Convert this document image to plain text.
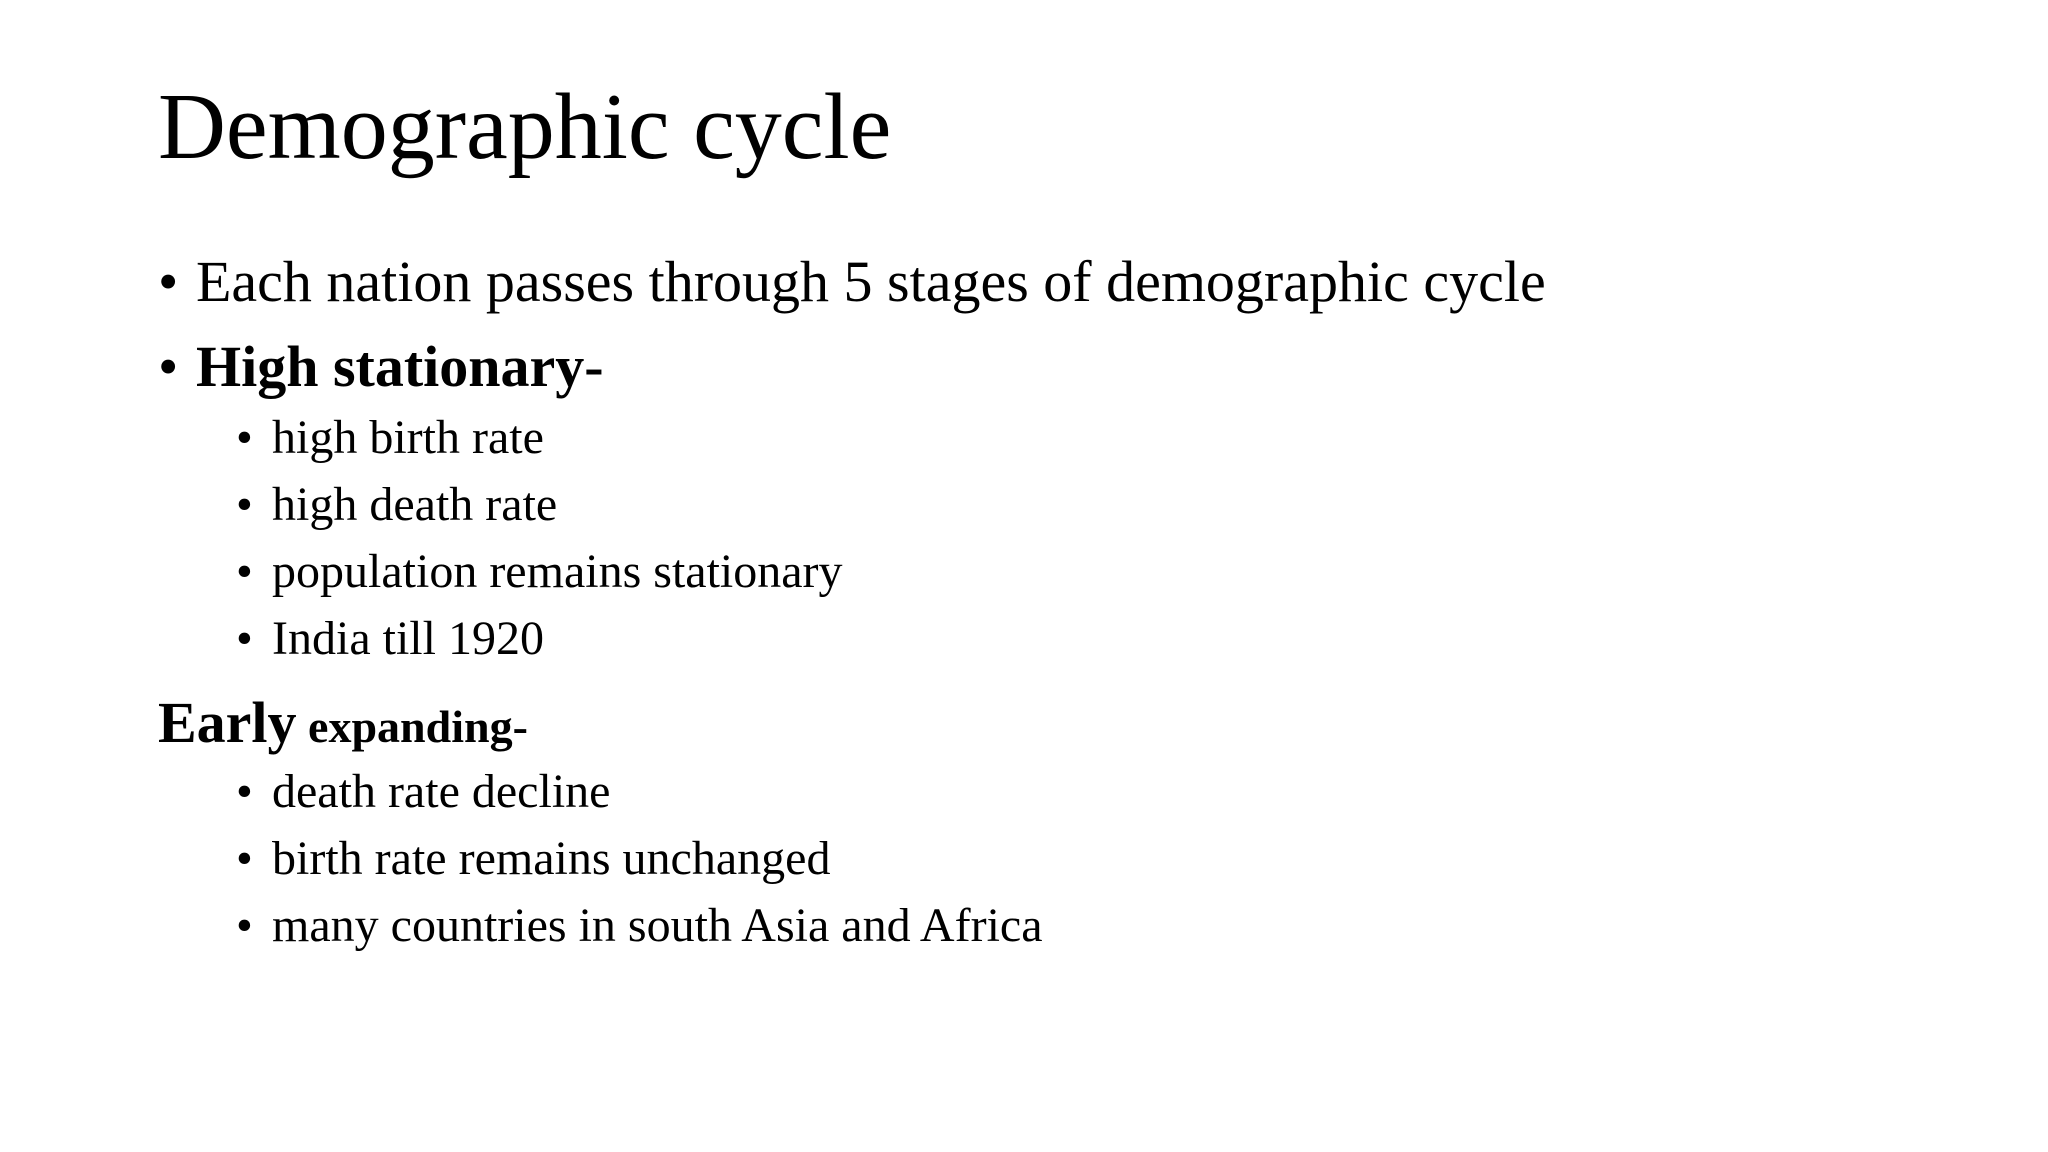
Demographic cycle
• Each nation passes through 5 stages of demographic cycle
• High stationary-
• high birth rate
• high death rate
• population remains stationary
• India till 1920
Early expanding-
• death rate decline
• birth rate remains unchanged
• many countries in south Asia and Africa
